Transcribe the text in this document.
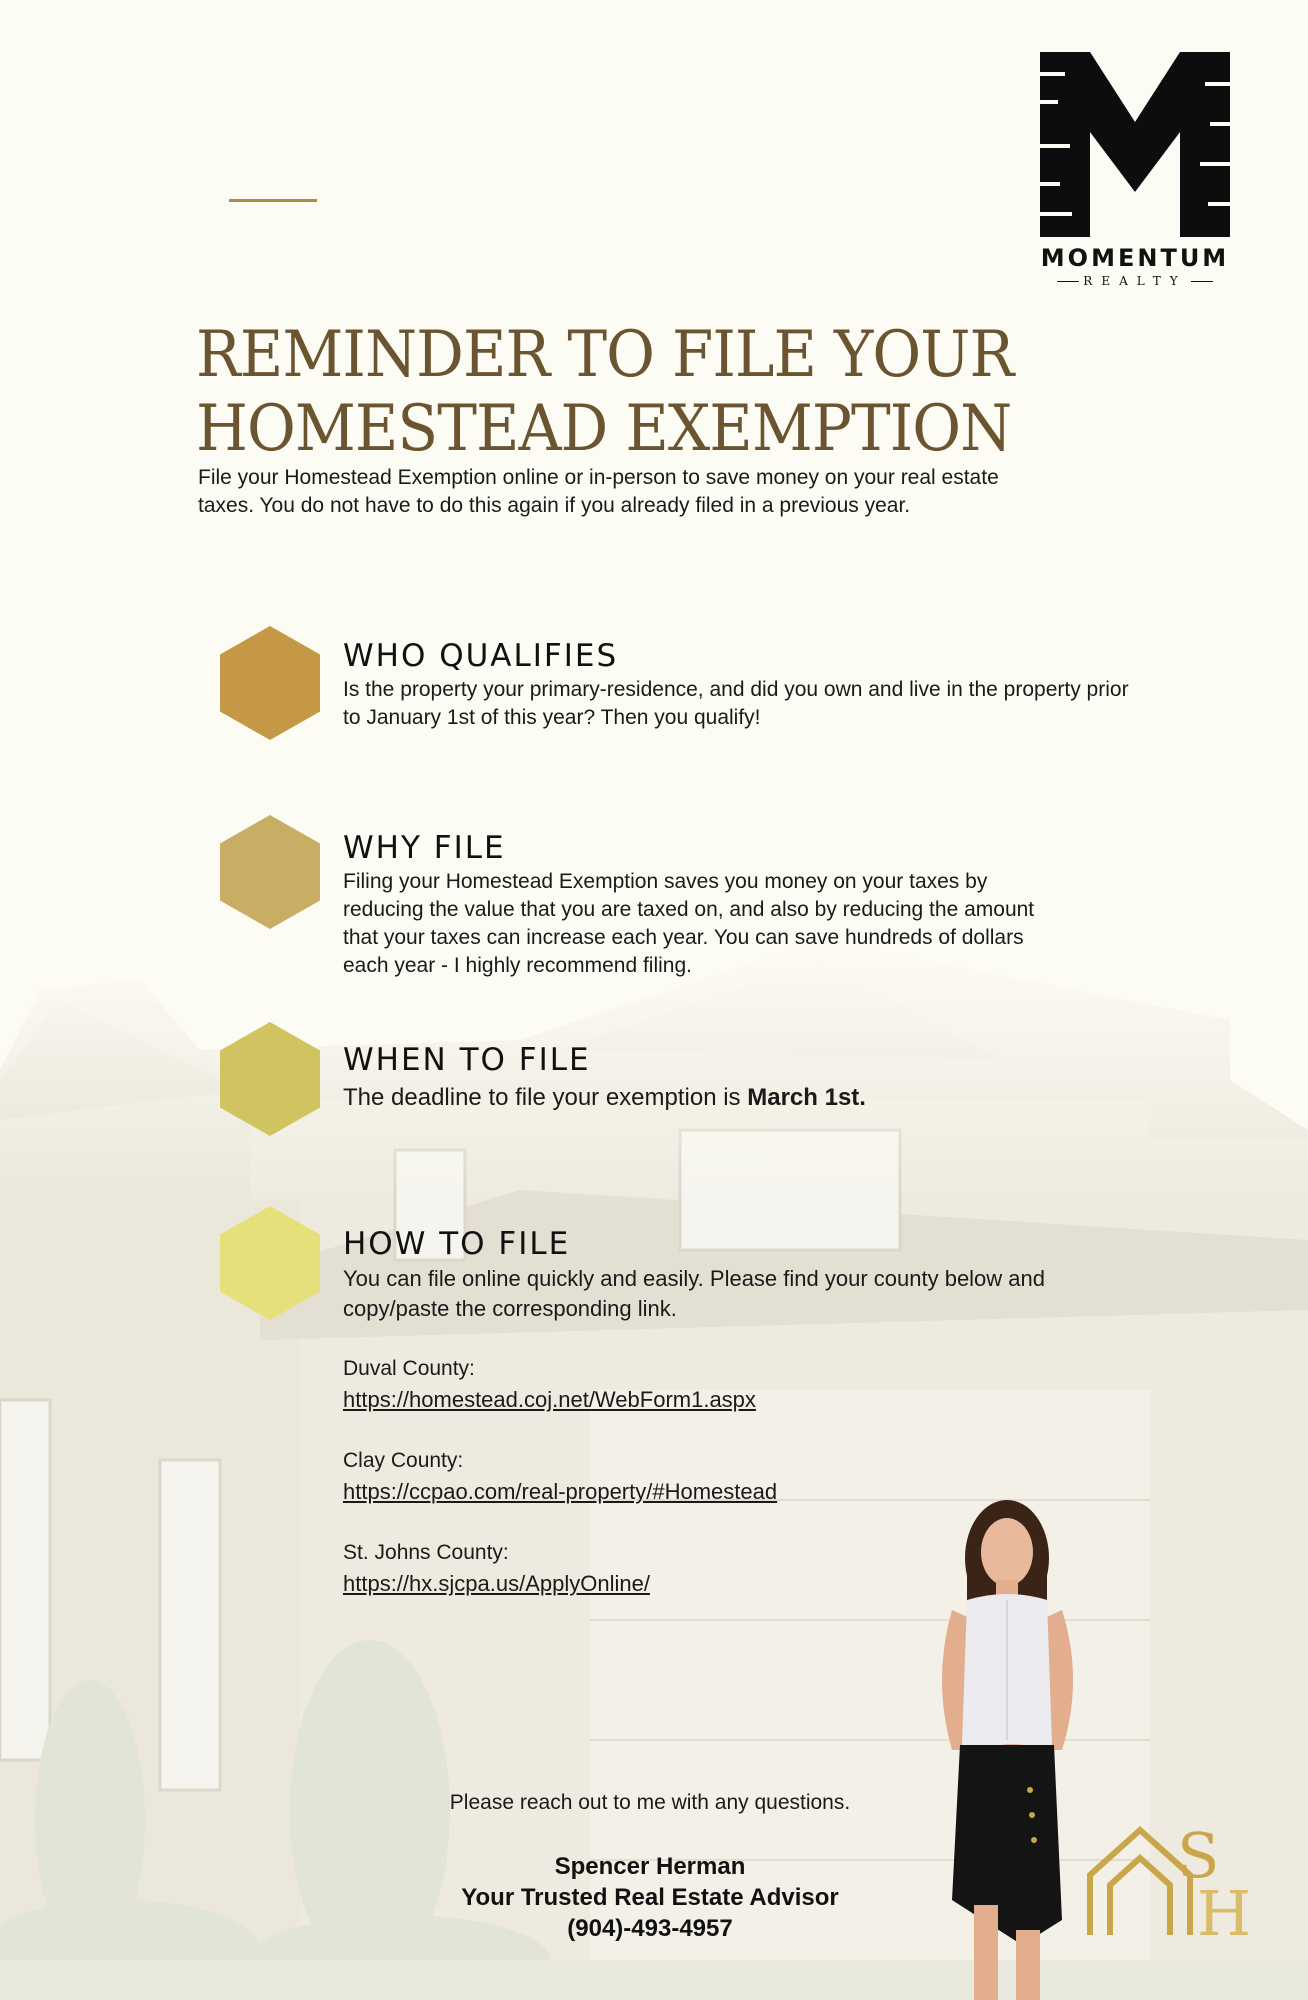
MOMENTUM
REALTY
REMINDER TO FILE YOUR
HOMESTEAD EXEMPTION
File your Homestead Exemption online or in-person to save money on your real estate taxes. You do not have to do this again if you already filed in a previous year.
WHO QUALIFIES
Is the property your primary-residence, and did you own and live in the property prior to January 1st of this year? Then you qualify!
WHY FILE
Filing your Homestead Exemption saves you money on your taxes by reducing the value that you are taxed on, and also by reducing the amount that your taxes can increase each year. You can save hundreds of dollars each year - I highly recommend filing.
WHEN TO FILE
The deadline to file your exemption is March 1st.
HOW TO FILE
You can file online quickly and easily. Please find your county below and copy/paste the corresponding link.
Duval County:
https://homestead.coj.net/WebForm1.aspx
Clay County:
https://ccpao.com/real-property/#Homestead
St. Johns County:
https://hx.sjcpa.us/ApplyOnline/
S
H
Please reach out to me with any questions.
Spencer Herman
Your Trusted Real Estate Advisor
(904)-493-4957
